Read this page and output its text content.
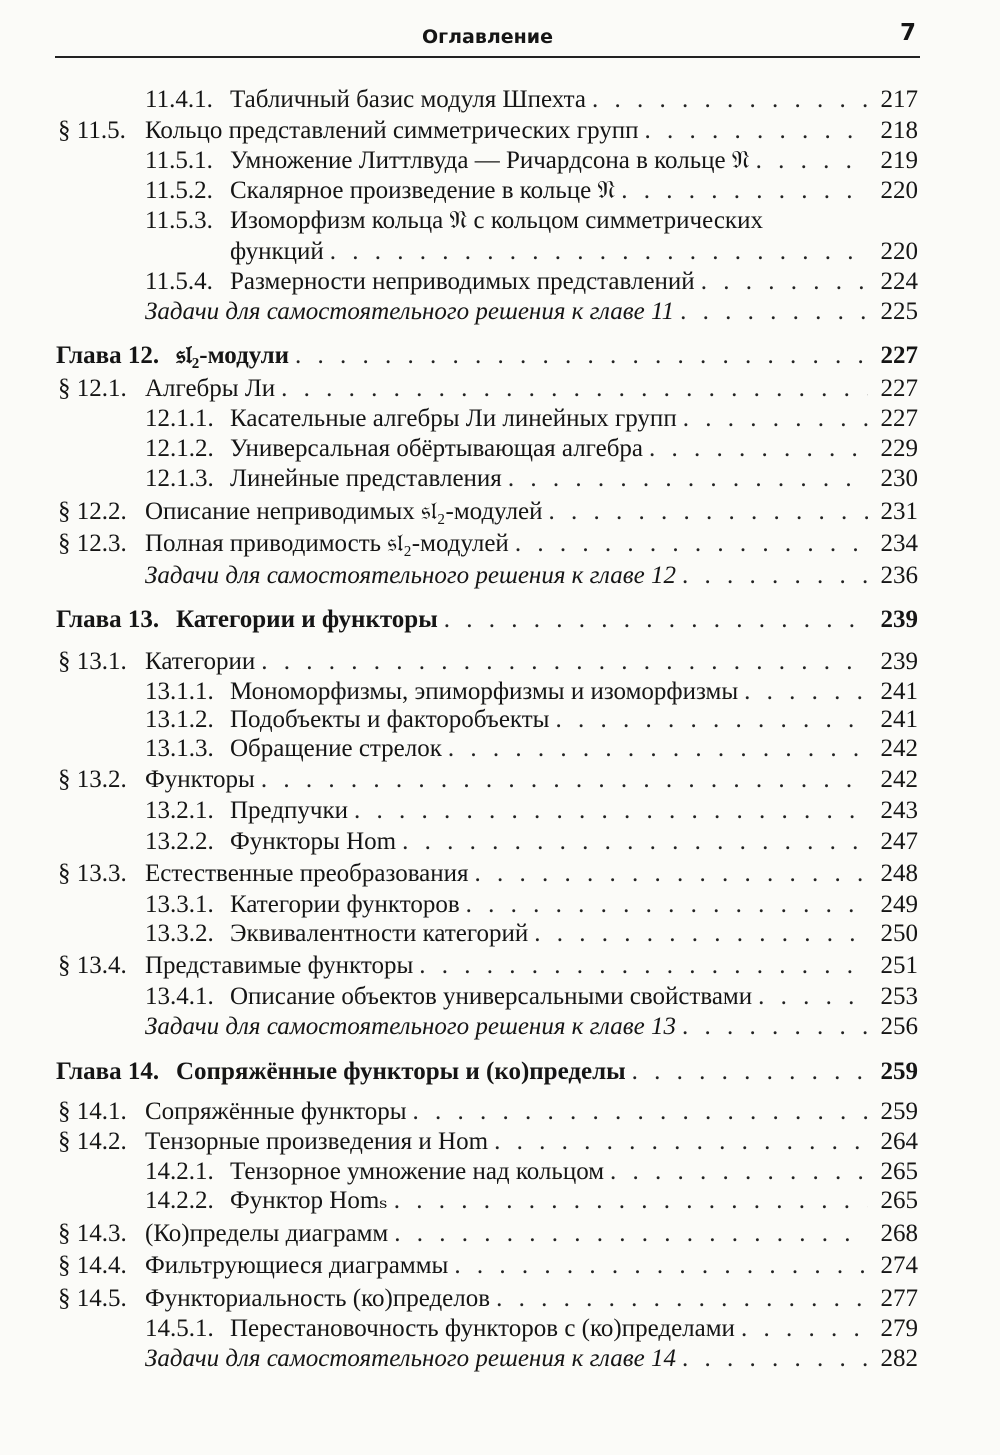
Оглавление	7
11.4.1. Табличный базис модуля Шпехта . . .	217
§ 11.5. Кольцо представлений симметрических групп . . .	218
11.5.1. Умножение Литтлвуда — Ричардсона в кольце 𝔑 . . .	219
11.5.2. Скалярное произведение в кольце 𝔑 . . .	220
11.5.3. Изоморфизм кольца 𝔑 с кольцом симметрических
функций . . .	220
11.5.4. Размерности неприводимых представлений . . .	224
Задачи для самостоятельного решения к главе 11 . . .	225
Глава 12. 𝔰𝔩₂-модули . . .	227
§ 12.1. Алгебры Ли . . .	227
12.1.1. Касательные алгебры Ли линейных групп . . .	227
12.1.2. Универсальная обёртывающая алгебра . . .	229
12.1.3. Линейные представления . . .	230
§ 12.2. Описание неприводимых 𝔰𝔩₂-модулей . . .	231
§ 12.3. Полная приводимость 𝔰𝔩₂-модулей . . .	234
Задачи для самостоятельного решения к главе 12 . . .	236
Глава 13. Категории и функторы . . .	239
§ 13.1. Категории . . .	239
13.1.1. Мономорфизмы, эпиморфизмы и изоморфизмы . . .	241
13.1.2. Подобъекты и факторобъекты . . .	241
13.1.3. Обращение стрелок . . .	242
§ 13.2. Функторы . . .	242
13.2.1. Предпучки . . .	243
13.2.2. Функторы Hom . . .	247
§ 13.3. Естественные преобразования . . .	248
13.3.1. Категории функторов . . .	249
13.3.2. Эквивалентности категорий . . .	250
§ 13.4. Представимые функторы . . .	251
13.4.1. Описание объектов универсальными свойствами . . .	253
Задачи для самостоятельного решения к главе 13 . . .	256
Глава 14. Сопряжённые функторы и (ко)пределы . . .	259
§ 14.1. Сопряжённые функторы . . .	259
§ 14.2. Тензорные произведения и Hom . . .	264
14.2.1. Тензорное умножение над кольцом . . .	265
14.2.2. Функтор Homₛ . . .	265
§ 14.3. (Ко)пределы диаграмм . . .	268
§ 14.4. Фильтрующиеся диаграммы . . .	274
§ 14.5. Функториальность (ко)пределов . . .	277
14.5.1. Перестановочность функторов с (ко)пределами . . .	279
Задачи для самостоятельного решения к главе 14 . . .	282
